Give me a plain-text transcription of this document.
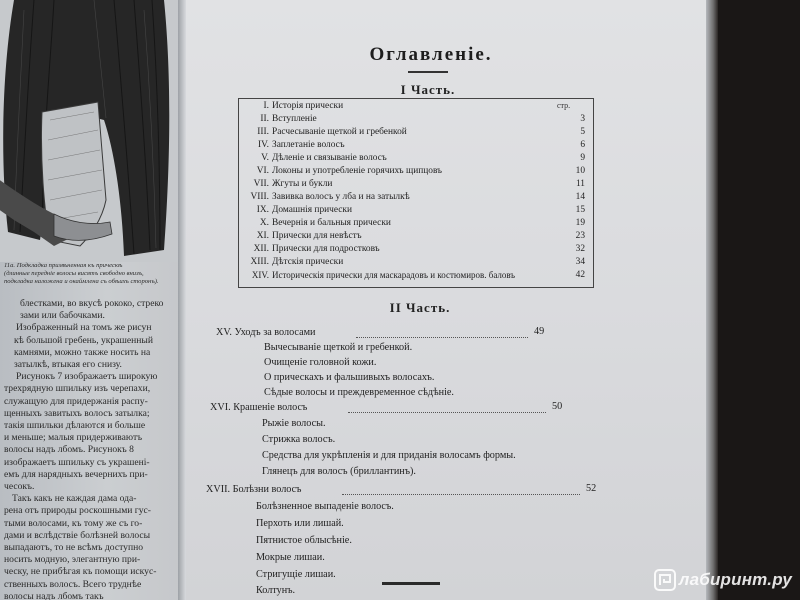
11a. Подкладка примѣненная къ прическѣ
(длинные передніе волосы висятъ свободно внизъ,
подкладка наложена и окаймлена съ обѣихъ сторонъ).
блестками, во вкусѣ рококо, стреко
зами или бабочками.
Изображенный на томъ же рисун
кѣ большой гребень, украшенный
камнями, можно также носить на
затылкѣ, втыкая его снизу.
Рисунокъ 7 изображаетъ широкую
трехрядную шпильку изъ черепахи,
служащую для придержанія распу-
щенныхъ завитыхъ волосъ затылка;
такія шпильки дѣлаются и больше
и меньше; малыя придерживаютъ
волосы надъ лбомъ. Рисунокъ 8
изображаетъ шпильку съ украшені-
емъ для нарядныхъ вечернихъ при-
чесокъ.
Такъ какъ не каждая дама ода-
рена отъ природы роскошными гус-
тыми волосами, къ тому же съ го-
дами и вслѣдствіе болѣзней волосы
выпадаютъ, то не всѣмъ доступно
носить модную, элегантную при-
ческу, не прибѣгая къ помощи искус-
ственныхъ волосъ. Всего труднѣе
волосы надъ лбомъ такъ
Оглавленіе.
I Часть.
стр.
I. Исторія прически
II. Вступленіе	3
III. Расчесываніе щеткой и гребенкой	5
IV. Заплетаніе волосъ	6
V. Дѣленіе и связываніе волосъ	9
VI. Локоны и употребленіе горячихъ щипцовъ	10
VII. Жгуты и букли	11
VIII. Завивка волосъ у лба и на затылкѣ	14
IX. Домашнія прически	15
X. Вечернія и бальныя прически	19
XI. Прически для невѣстъ	23
XII. Прически для подростковъ	32
XIII. Дѣтскія прически	34
XIV. Историческія прически для маскарадовъ и костюмиров. баловъ	42
II Часть.
XV. Уходъ за волосами	49
Вычесываніе щеткой и гребенкой.
Очищеніе головной кожи.
О прическахъ и фальшивыхъ волосахъ.
Сѣдые волосы и преждевременное сѣдѣніе.
XVI. Крашеніе волосъ	50
Рыжіе волосы.
Стрижка волосъ.
Средства для укрѣпленія и для приданія волосамъ формы.
Глянецъ для волосъ (бриллантинъ).
XVII. Болѣзни волосъ	52
Болѣзненное выпаденіе волосъ.
Перхоть или лишай.
Пятнистое облысѣніе.
Мокрые лишаи.
Стригущіе лишаи.
Колтунъ.
лабиринт.ру
